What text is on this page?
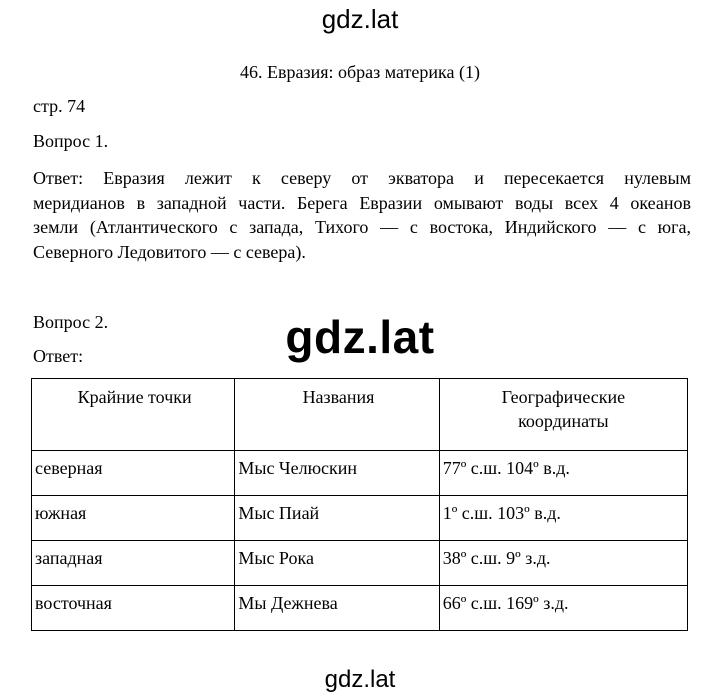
gdz.lat
46. Евразия: образ материка (1)
стр. 74
Вопрос 1.
Ответ: Евразия лежит к северу от экватора и пересекается нулевым
меридианов в западной части. Берега Евразии омывают воды всех 4 океанов
земли (Атлантического с запада, Тихого — с востока, Индийского — с юга,
Северного Ледовитого — с севера).
Вопрос 2.
Ответ:	gdz.lat
Крайние точки	Названия	Географические координаты
северная	Мыс Челюскин	77º с.ш. 104º в.д.
южная	Мыс Пиай	1º с.ш. 103º в.д.
западная	Мыс Рока	38º с.ш. 9º з.д.
восточная	Мы Дежнева	66º с.ш. 169º з.д.
gdz.lat
